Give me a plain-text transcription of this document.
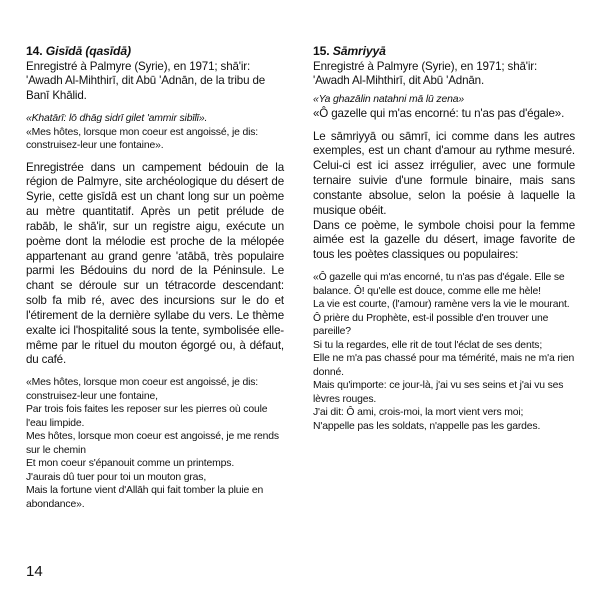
14. Gisīdā (qasīdā)

Enregistré à Palmyre (Syrie), en 1971; shā'ir: 'Awadh Al-Mihthirī, dit Abū 'Adnān, de la tribu de Banī Khālid.

«Khatārī: lō dhāg sidrī gilet 'ammir sibīlī».

«Mes hôtes, lorsque mon coeur est angoissé, je dis: construisez-leur une fontaine».

Enregistrée dans un campement bédouin de la région de Palmyre, site archéologique du désert de Syrie, cette gisīdā est un chant long sur un poème au mètre quantitatif. Après un petit prélude de rabāb, le shā'ir, sur un registre aigu, exécute un poème dont la mélodie est proche de la mélopée appartenant au grand genre 'atābā, très populaire parmi les Bédouins du nord de la Péninsule. Le chant se déroule sur un tétracorde descendant: solb fa mib ré, avec des incursions sur le do et l'étirement de la dernière syllabe du vers. Le thème exalte ici l'hospitalité sous la tente, symbolisée elle-même par le rituel du mouton égorgé ou, à défaut, du café.

«Mes hôtes, lorsque mon coeur est angoissé, je dis: construisez-leur une fontaine,

Par trois fois faites les reposer sur les pierres où coule l'eau limpide.

Mes hôtes, lorsque mon coeur est angoissé, je me rends sur le chemin

Et mon coeur s'épanouit comme un printemps.

J'aurais dû tuer pour toi un mouton gras,

Mais la fortune vient d'Allāh qui fait tomber la pluie en abondance».

15. Sāmriyyā

Enregistré à Palmyre (Syrie), en 1971; shā'ir: 'Awadh Al-Mihthirī, dit Abū 'Adnān.

«Ya ghazālin natahni mā lū zena»

«Ô gazelle qui m'as encorné: tu n'as pas d'égale».

Le sāmriyyā ou sāmrī, ici comme dans les autres exemples, est un chant d'amour au rythme mesuré. Celui-ci est ici assez irrégulier, avec une formule ternaire suivie d'une formule binaire, mais sans constante absolue, selon la poésie à laquelle la musique obéit.

Dans ce poème, le symbole choisi pour la femme aimée est la gazelle du désert, image favorite de tous les poètes classiques ou populaires:

«Ô gazelle qui m'as encorné, tu n'as pas d'égale. Elle se balance. Ô! qu'elle est douce, comme elle me hèle!

La vie est courte, (l'amour) ramène vers la vie le mourant.

Ô prière du Prophète, est-il possible d'en trouver une pareille?

Si tu la regardes, elle rit de tout l'éclat de ses dents;

Elle ne m'a pas chassé pour ma témérité, mais ne m'a rien donné.

Mais qu'importe: ce jour-là, j'ai vu ses seins et j'ai vu ses lèvres rouges.

J'ai dit: Ô ami, crois-moi, la mort vient vers moi;

N'appelle pas les soldats, n'appelle pas les gardes.

14
